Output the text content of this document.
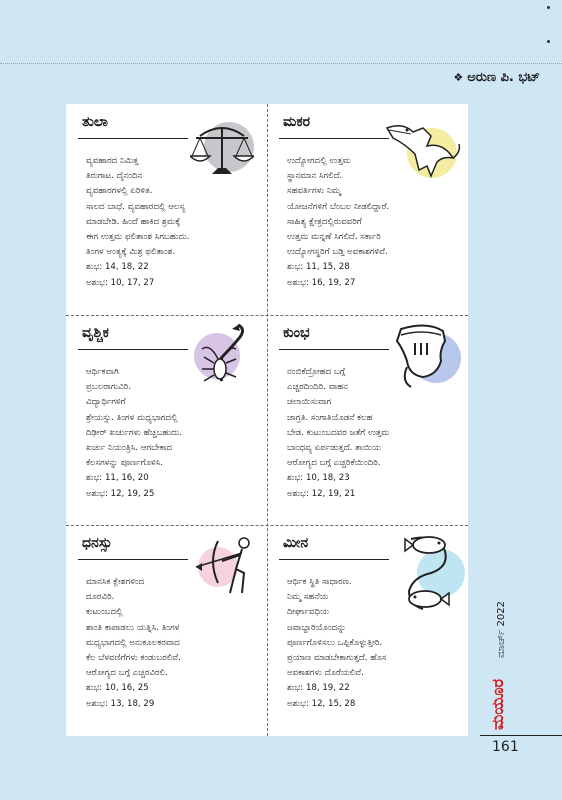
❖ ಅರುಣ ಪಿ. ಭಟ್
ತುಲಾ
ವ್ಯವಹಾರದ ನಿಮಿತ್ತ
ತಿರುಗಾಟ. ದೈನಂದಿನ
ವ್ಯವಹಾರಗಳಲ್ಲಿ ಏರಿಳಿತ.
ಸಾಲದ ಬಾಧೆ. ವ್ಯವಹಾರದಲ್ಲಿ ಆಲಸ್ಯ
ಮಾಡಬೇಡಿ. ಹಿಂದೆ ಹಾಕಿದ ಶ್ರಮಕ್ಕೆ
ಈಗ ಉತ್ತಮ ಫಲಿತಾಂಶ ಸಿಗಬಹುದು.
ತಿಂಗಳ ಅಂತ್ಯಕ್ಕೆ ಮಿಶ್ರ ಫಲಿತಾಂಶ.
ಶುಭ: 14, 18, 22
ಅಶುಭ: 10, 17, 27
ಮಕರ
ಉದ್ಯೋಗದಲ್ಲಿ ಉತ್ತಮ
ಸ್ಥಾನಮಾನ ಸಿಗಲಿದೆ.
ಸಹವರ್ತಿಗಳು ನಿಮ್ಮ
ಯೋಜನೆಗಳಿಗೆ ಬೆಂಬಲ ನೀಡಲಿದ್ದಾರೆ.
ಸಾಹಿತ್ಯ ಕ್ಷೇತ್ರದಲ್ಲಿರುವವರಿಗೆ
ಉತ್ತಮ ಮನ್ನಣೆ ಸಿಗಲಿದೆ. ಸರ್ಕಾರಿ
ಉದ್ಯೋಗಸ್ಥರಿಗೆ ಬಡ್ತಿ ಅವಕಾಶಗಳಿವೆ.
ಶುಭ: 11, 15, 28
ಅಶುಭ: 16, 19, 27
ವೃಶ್ಚಿಕ
ಆರ್ಥಿಕವಾಗಿ
ಪ್ರಬಲರಾಗುವಿರಿ.
ವಿದ್ಯಾರ್ಥಿಗಳಿಗೆ
ಶ್ರೇಯಸ್ಸು. ತಿಂಗಳ ಮಧ್ಯಭಾಗದಲ್ಲಿ
ದಿಢೀರ್ ಖರ್ಚುಗಳು ಹೆಚ್ಚಬಹುದು.
ಖರ್ಚು ನಿಯಂತ್ರಿಸಿ. ಆಗಬೇಕಾದ
ಕೆಲಸಗಳನ್ನು ಪೂರ್ಣಗೊಳಿಸಿ.
ಶುಭ: 11, 16, 20
ಅಶುಭ: 12, 19, 25
ಕುಂಭ
ನಂಬಿಕೆದ್ರೋಹದ ಬಗ್ಗೆ
ಎಚ್ಚರದಿಂದಿರಿ. ವಾಹನ
ಚಲಾಯಿಸುವಾಗ
ಜಾಗ್ರತಿ. ಸಂಗಾತಿಯೊಡನೆ ಕಲಹ
ಬೇಡ. ಕುಟುಂಬದವರ ಜತೆಗೆ ಉತ್ತಮ
ಬಾಂಧವ್ಯ ಏರ್ಪಡುತ್ತದೆ. ತಾಯಿಯ
ಆರೋಗ್ಯದ ಬಗ್ಗೆ ಎಚ್ಚರಿಕೆಯಿಂದಿರಿ.
ಶುಭ: 10, 18, 23
ಅಶುಭ: 12, 19, 21
ಧನಸ್ಸು
ಮಾನಸಿಕ ಕ್ಲೇಶಗಳಿಂದ
ದೂರವಿರಿ.
ಕುಟುಂಬದಲ್ಲಿ
ಶಾಂತಿ ಕಾಪಾಡಲು ಯತ್ನಿಸಿ. ತಿಂಗಳ
ಮಧ್ಯಭಾಗದಲ್ಲಿ ಅನುಕೂಲಕರವಾದ
ಕೆಲ ಬೆಳವಣಿಗೆಗಳು ಕಂಡುಬರಲಿವೆ.
ಆರೋಗ್ಯದ ಬಗ್ಗೆ ಎಚ್ಚರವಿರಲಿ.
ಶುಭ: 10, 16, 25
ಅಶುಭ: 13, 18, 29
ಮೀನ
ಆರ್ಥಿಕ ಸ್ಥಿತಿ ಸಾಧಾರಣ.
ನಿಮ್ಮ ಸಹನೆಯ
ದೀರ್ಘಾವಧಿಯ
ಜವಾಬ್ದಾರಿಯೊಂದನ್ನು
ಪೂರ್ಣಗೊಳಿಸಲು ಒಪ್ಪಿಕೊಳ್ಳುತ್ತೀರಿ.
ಪ್ರಯಾಣ ಮಾಡಬೇಕಾಗುತ್ತದೆ. ಹೊಸ
ಅವಕಾಶಗಳು ದೊರೆಯಲಿವೆ.
ಶುಭ: 18, 19, 22
ಅಶುಭ: 12, 15, 28
ಮಾರ್ಚ್ 2022
ಮಯೂರ
161
